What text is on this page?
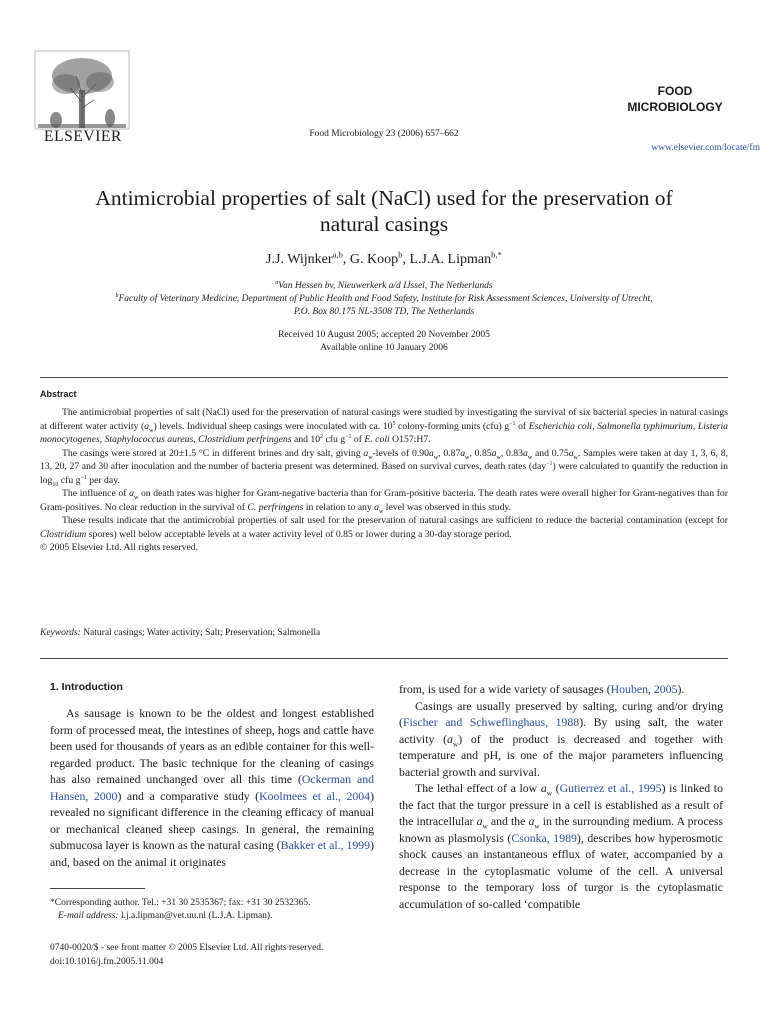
ELSEVIER	Food Microbiology 23 (2006) 657–662
FOOD
MICROBIOLOGY
www.elsevier.com/locate/fm
Antimicrobial properties of salt (NaCl) used for the preservation of
natural casings
J.J. Wijnker$^{a,b}$, G. Koop$^b$, L.J.A. Lipman$^{b,*}$
$^a$Van Hessen bv, Nieuwerkerk a/d IJssel, The Netherlands
$^b$Faculty of Veterinary Medicine, Department of Public Health and Food Safety, Institute for Risk Assessment Sciences, University of Utrecht,
P.O. Box 80.175 NL-3508 TD, The Netherlands
Received 10 August 2005; accepted 20 November 2005
Available online 10 January 2006
Abstract

The antimicrobial properties of salt (NaCl) used for the preservation of natural casings were studied by investigating the survival of six bacterial species in natural casings at different water activity $(a_w)$ levels. Individual sheep casings were inoculated with ca. $10^5$ colony-forming units (cfu) $g^{-1}$ of Escherichia coli, Salmonella typhimurium, Listeria monocytogenes, Staphylococcus aureus, Clostridium perfringens and $10^2$ cfu $g^{-1}$ of E. coli O157:H7.

The casings were stored at 20±1.5 °C in different brines and dry salt, giving $a_w$-levels of $0.90a_w$, $0.87a_w$, $0.85a_w$, $0.83a_w$ and $0.75a_w$. Samples were taken at day 1, 3, 6, 8, 13, 20, 27 and 30 after inoculation and the number of bacteria present was determined. Based on survival curves, death rates (day$^{-1}$) were calculated to quantify the reduction in $\log_{10}$ cfu $g^{-1}$ per day.

The influence of $a_w$ on death rates was higher for Gram-negative bacteria than for Gram-positive bacteria. The death rates were overall higher for Gram-negatives than for Gram-positives. No clear reduction in the survival of C. perfringens in relation to any $a_w$ level was observed in this study.

These results indicate that the antimicrobial properties of salt used for the preservation of natural casings are sufficient to reduce the bacterial contamination (except for Clostridium spores) well below acceptable levels at a water activity level of 0.85 or lower during a 30-day storage period.

© 2005 Elsevier Ltd. All rights reserved.

Keywords: Natural casings; Water activity; Salt; Preservation; Salmonella
1. Introduction

As sausage is known to be the oldest and longest established form of processed meat, the intestines of sheep, hogs and cattle have been used for thousands of years as an edible container for this well-regarded product. The basic technique for the cleaning of casings has also remained unchanged over all this time (Ockerman and Hansen, 2000) and a comparative study (Koolmees et al., 2004) revealed no significant difference in the cleaning efficacy of manual or mechanical cleaned sheep casings. In general, the remaining submucosa layer is known as the natural casing (Bakker et al., 1999) and, based on the animal it originates

from, is used for a wide variety of sausages (Houben, 2005).

Casings are usually preserved by salting, curing and/or drying (Fischer and Schweflinghaus, 1988). By using salt, the water activity $(a_w)$ of the product is decreased and together with temperature and pH, is one of the major parameters influencing bacterial growth and survival.

The lethal effect of a low $a_w$ (Gutierrez et al., 1995) is linked to the fact that the turgor pressure in a cell is established as a result of the intracellular $a_w$ and the $a_w$ in the surrounding medium. A process known as plasmolysis (Csonka, 1989), describes how hyperosmotic shock causes an instantaneous efflux of water, accompanied by a decrease in the cytoplasmatic volume of the cell. A universal response to the temporary loss of turgor is the cytoplasmatic accumulation of so-called ‘compatible

*Corresponding author. Tel.: +31 30 2535367; fax: +31 30 2532365.
E-mail address: l.j.a.lipman@vet.uu.nl (L.J.A. Lipman).
0740-0020/$ - see front matter © 2005 Elsevier Ltd. All rights reserved.
doi:10.1016/j.fm.2005.11.004
